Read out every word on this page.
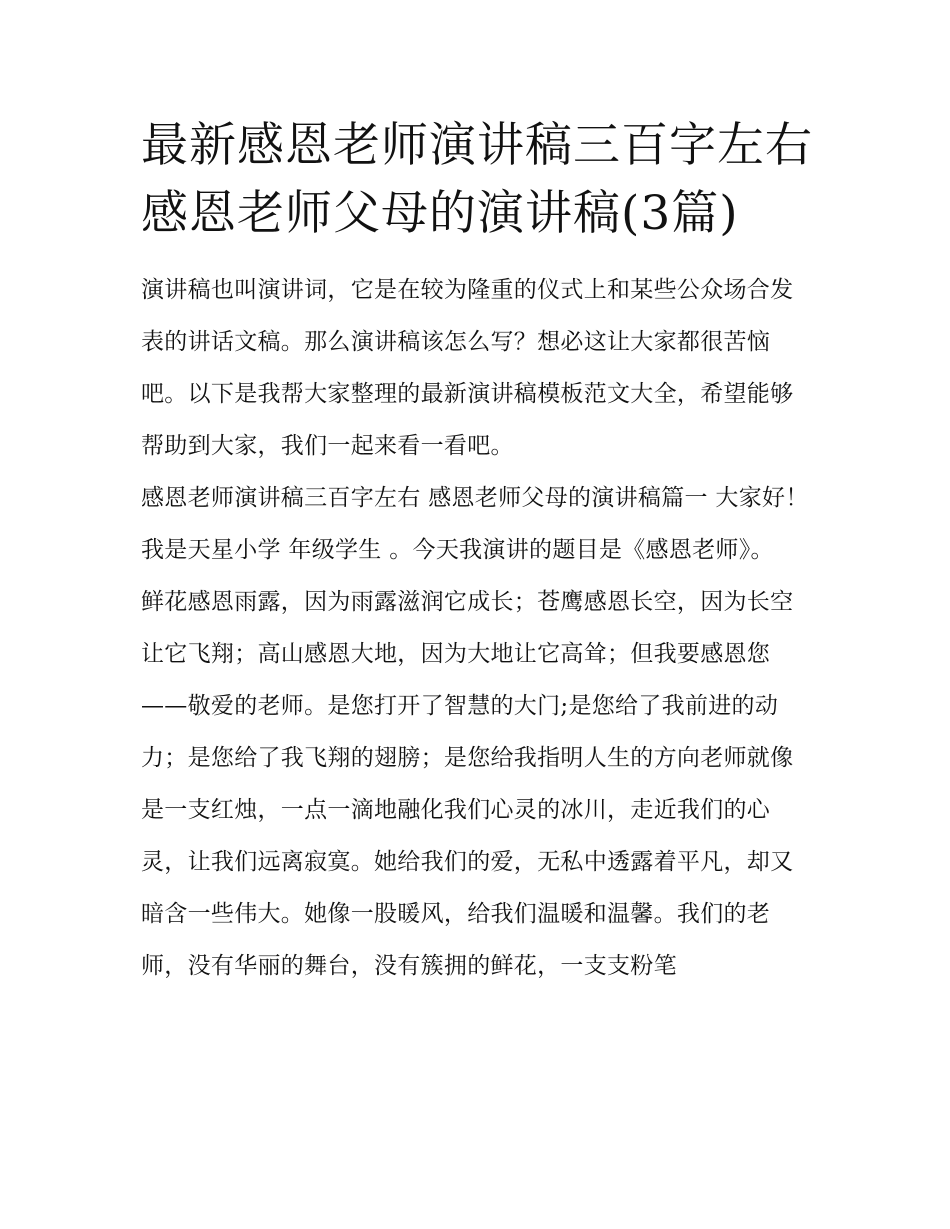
最新感恩老师演讲稿三百字左右 感恩老师父母的演讲稿(3篇)

演讲稿也叫演讲词，它是在较为隆重的仪式上和某些公众场合发表的讲话文稿。那么演讲稿该怎么写？想必这让大家都很苦恼吧。以下是我帮大家整理的最新演讲稿模板范文大全，希望能够帮助到大家，我们一起来看一看吧。

感恩老师演讲稿三百字左右 感恩老师父母的演讲稿篇一 大家好！ 我是天星小学 年级学生 。今天我演讲的题目是《感恩老师》。

鲜花感恩雨露，因为雨露滋润它成长；苍鹰感恩长空，因为长空让它飞翔；高山感恩大地，因为大地让它高耸；但我要感恩您——敬爱的老师。是您打开了智慧的大门;是您给了我前进的动力；是您给了我飞翔的翅膀；是您给我指明人生的方向老师就像是一支红烛，一点一滴地融化我们心灵的冰川，走近我们的心灵，让我们远离寂寞。她给我们的爱，无私中透露着平凡，却又暗含一些伟大。她像一股暖风，给我们温暖和温馨。我们的老师，没有华丽的舞台，没有簇拥的鲜花，一支支粉笔
